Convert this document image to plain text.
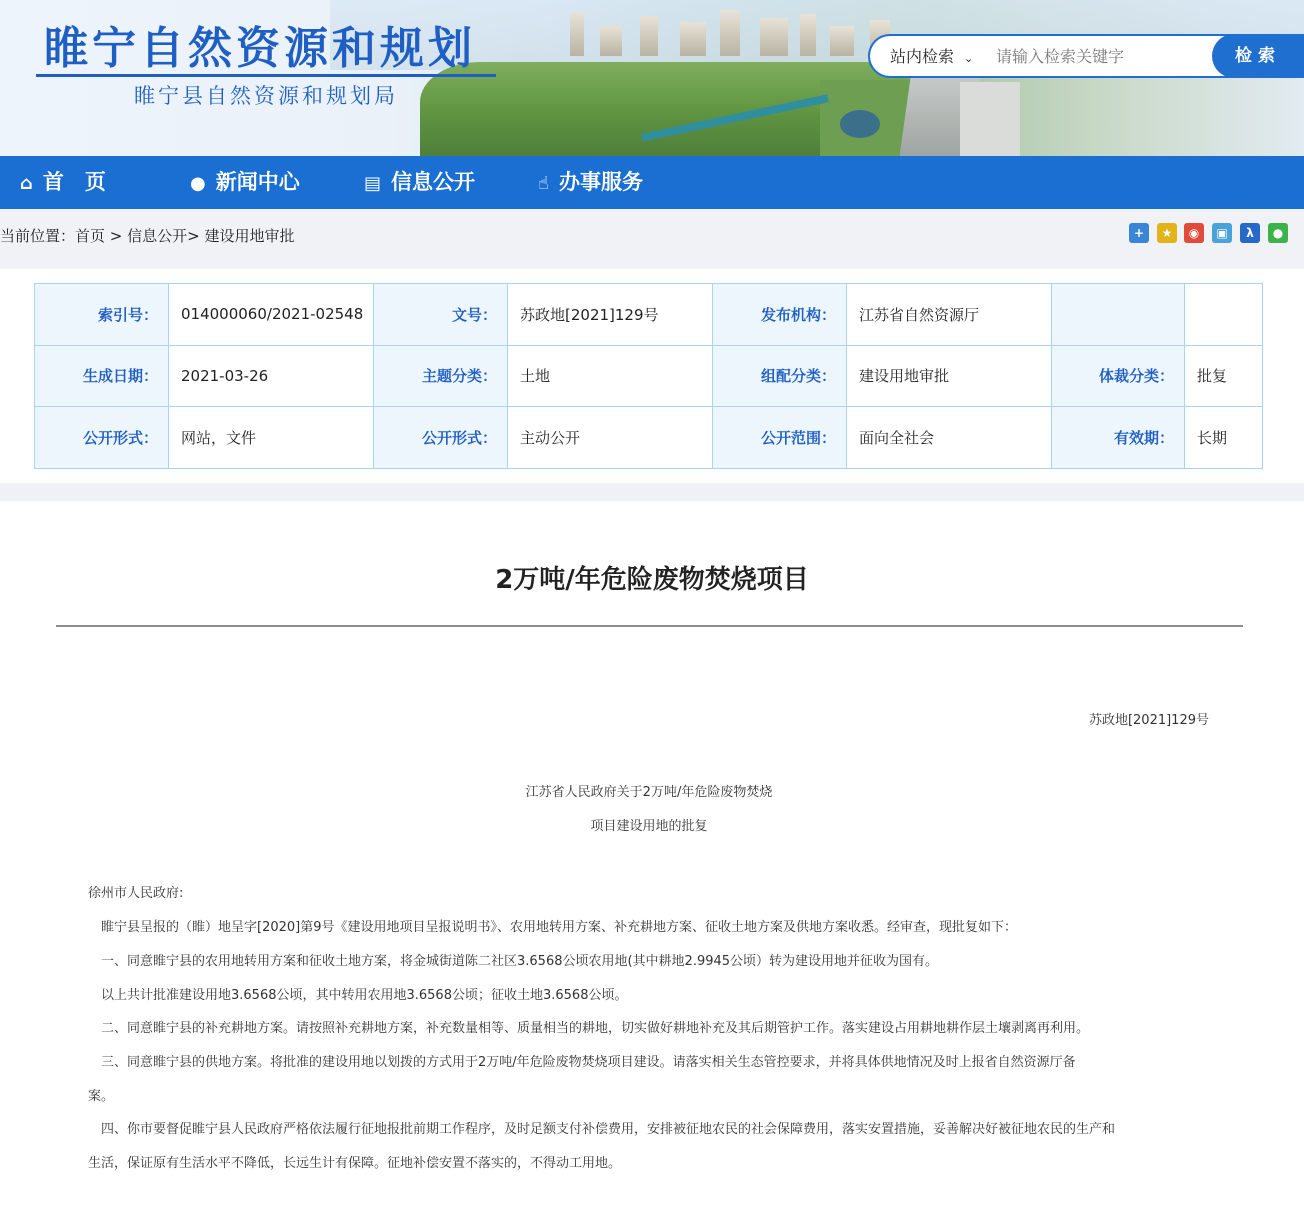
睢宁自然资源和规划
睢宁县自然资源和规划局
站内检索 ⌄
请输入检索关键字	检索
⌂ 首　页	● 新闻中心	▤ 信息公开	☝ 办事服务
当前位置：首页 > 信息公开> 建设用地审批	+	★	◉	▣	λ	●
索引号：	014000060/2021-02548	文号：	苏政地[2021]129号	发布机构：	江苏省自然资源厅		
生成日期：	2021-03-26	主题分类：	土地	组配分类：	建设用地审批	体裁分类：	批复
公开形式：	网站，文件	公开形式：	主动公开	公开范围：	面向全社会	有效期：	长期
2万吨/年危险废物焚烧项目
苏政地[2021]129号
江苏省人民政府关于2万吨/年危险废物焚烧
项目建设用地的批复
徐州市人民政府:
　睢宁县呈报的（睢）地呈字[2020]第9号《建设用地项目呈报说明书》、农用地转用方案、补充耕地方案、征收土地方案及供地方案收悉。经审查，现批复如下：
　一、同意睢宁县的农用地转用方案和征收土地方案，将金城街道陈二社区3.6568公顷农用地(其中耕地2.9945公顷）转为建设用地并征收为国有。
　以上共计批准建设用地3.6568公顷，其中转用农用地3.6568公顷；征收土地3.6568公顷。
　二、同意睢宁县的补充耕地方案。请按照补充耕地方案，补充数量相等、质量相当的耕地，切实做好耕地补充及其后期管护工作。落实建设占用耕地耕作层土壤剥离再利用。
　三、同意睢宁县的供地方案。将批准的建设用地以划拨的方式用于2万吨/年危险废物焚烧项目建设。请落实相关生态管控要求，并将具体供地情况及时上报省自然资源厅备
案。
　四、你市要督促睢宁县人民政府严格依法履行征地报批前期工作程序，及时足额支付补偿费用，安排被征地农民的社会保障费用，落实安置措施，妥善解决好被征地农民的生产和
生活，保证原有生活水平不降低，长远生计有保障。征地补偿安置不落实的，不得动工用地。
